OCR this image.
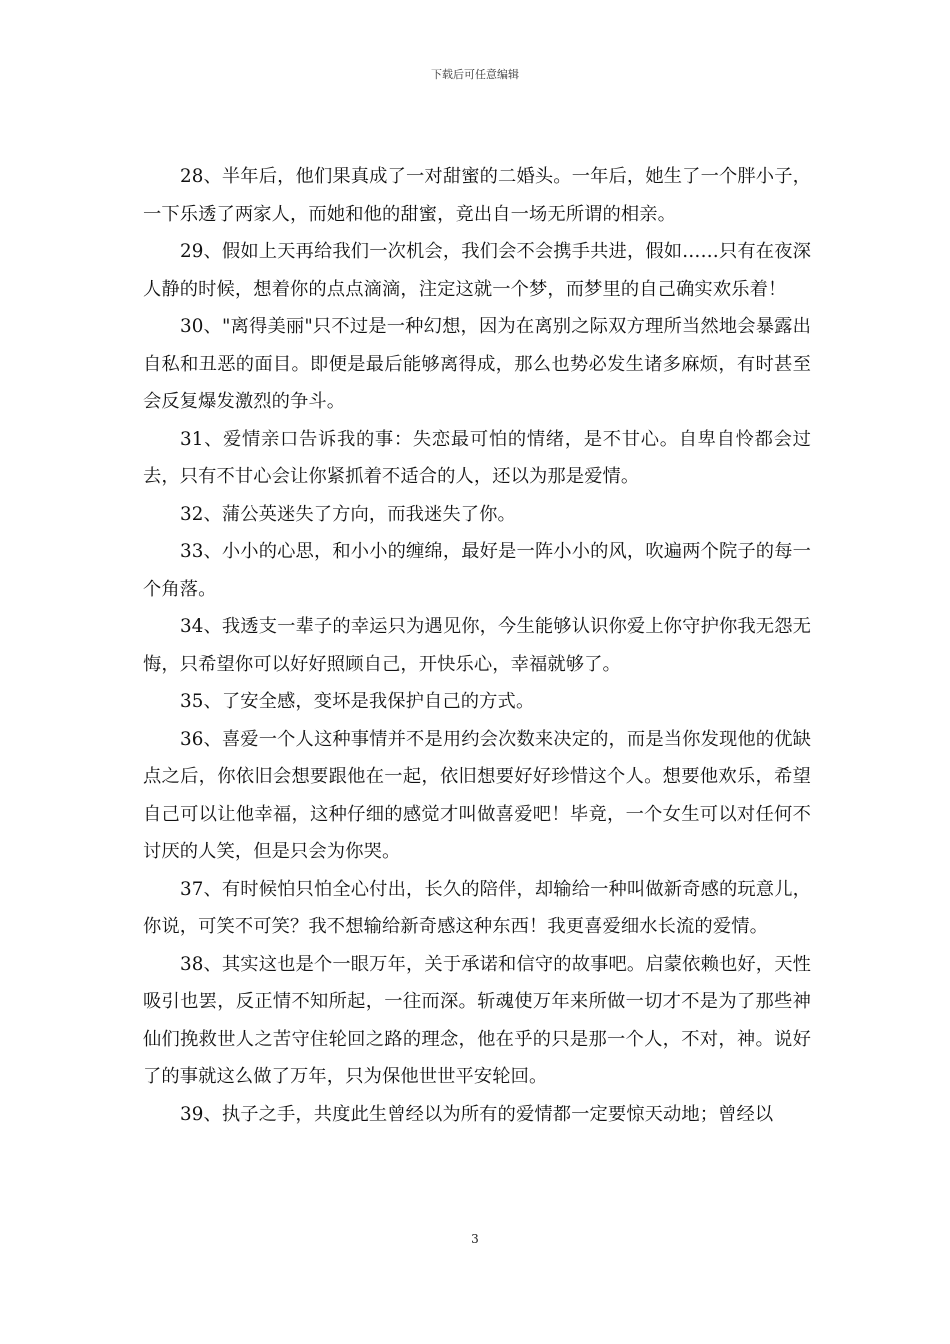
下载后可任意编辑

28、半年后，他们果真成了一对甜蜜的二婚头。一年后，她生了一个胖小子，一下乐透了两家人，而她和他的甜蜜，竟出自一场无所谓的相亲。

29、假如上天再给我们一次机会，我们会不会携手共进，假如……只有在夜深人静的时候，想着你的点点滴滴，注定这就一个梦，而梦里的自己确实欢乐着！

30、"离得美丽"只不过是一种幻想，因为在离别之际双方理所当然地会暴露出自私和丑恶的面目。即便是最后能够离得成，那么也势必发生诸多麻烦，有时甚至会反复爆发激烈的争斗。

31、爱情亲口告诉我的事：失恋最可怕的情绪，是不甘心。自卑自怜都会过去，只有不甘心会让你紧抓着不适合的人，还以为那是爱情。

32、蒲公英迷失了方向，而我迷失了你。

33、小小的心思，和小小的缠绵，最好是一阵小小的风，吹遍两个院子的每一个角落。

34、我透支一辈子的幸运只为遇见你，今生能够认识你爱上你守护你我无怨无悔，只希望你可以好好照顾自己，开快乐心，幸福就够了。

35、了安全感，变坏是我保护自己的方式。

36、喜爱一个人这种事情并不是用约会次数来决定的，而是当你发现他的优缺点之后，你依旧会想要跟他在一起，依旧想要好好珍惜这个人。想要他欢乐，希望自己可以让他幸福，这种仔细的感觉才叫做喜爱吧！毕竟，一个女生可以对任何不讨厌的人笑，但是只会为你哭。

37、有时候怕只怕全心付出，长久的陪伴，却输给一种叫做新奇感的玩意儿，你说，可笑不可笑？我不想输给新奇感这种东西！我更喜爱细水长流的爱情。

38、其实这也是个一眼万年，关于承诺和信守的故事吧。启蒙依赖也好，天性吸引也罢，反正情不知所起，一往而深。斩魂使万年来所做一切才不是为了那些神仙们挽救世人之苦守住轮回之路的理念，他在乎的只是那一个人，不对，神。说好了的事就这么做了万年，只为保他世世平安轮回。

39、执子之手，共度此生曾经以为所有的爱情都一定要惊天动地；曾经以

3
